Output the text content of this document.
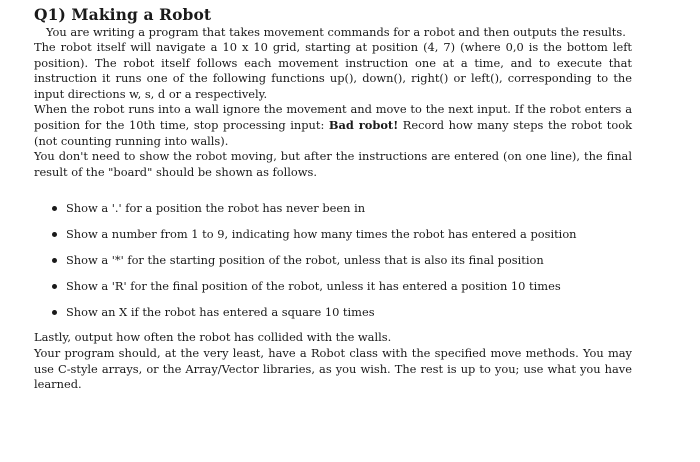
Q1) Making a Robot
You are writing a program that takes movement commands for a robot and then outputs the results.

The robot itself will navigate a 10 x 10 grid, starting at position (4, 7) (where 0,0 is the bottom left position). The robot itself follows each movement instruction one at a time, and to execute that instruction it runs one of the following functions up(), down(), right() or left(), corresponding to the input directions w, s, d or a respectively.

When the robot runs into a wall ignore the movement and move to the next input. If the robot enters a position for the 10th time, stop processing input: Bad robot! Record how many steps the robot took (not counting running into walls).

You don't need to show the robot moving, but after the instructions are entered (on one line), the final result of the "board" should be shown as follows.

Show a '.' for a position the robot has never been in
Show a number from 1 to 9, indicating how many times the robot has entered a position
Show a '*' for the starting position of the robot, unless that is also its final position
Show a 'R' for the final position of the robot, unless it has entered a position 10 times
Show an X if the robot has entered a square 10 times

Lastly, output how often the robot has collided with the walls.

Your program should, at the very least, have a Robot class with the specified move methods. You may use C-style arrays, or the Array/Vector libraries, as you wish. The rest is up to you; use what you have learned.
